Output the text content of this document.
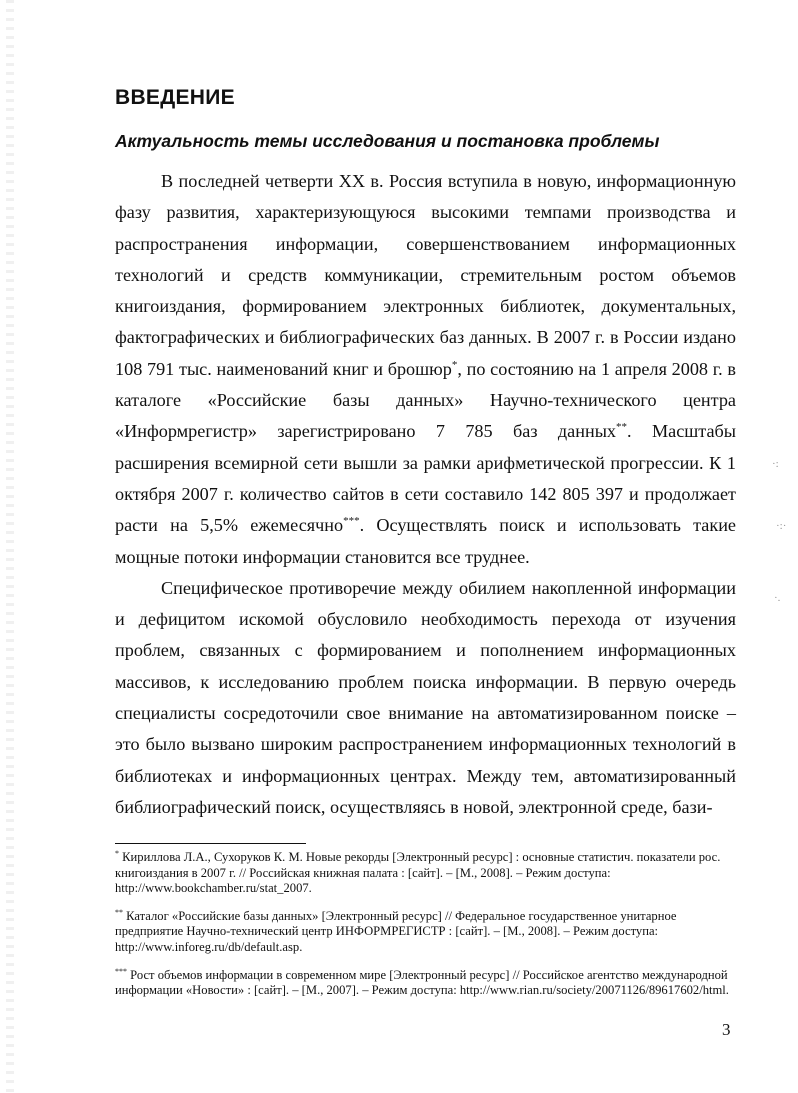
ВВЕДЕНИЕ
Актуальность темы исследования и постановка проблемы

В последней четверти XX в. Россия вступила в новую, информационную фазу развития, характеризующуюся высокими темпами производства и распространения информации, совершенствованием информационных технологий и средств коммуникации, стремительным ростом объемов книгоиздания, формированием электронных библиотек, документальных, фактографических и библиографических баз данных. В 2007 г. в России издано 108 791 тыс. наименований книг и брошюр*, по состоянию на 1 апреля 2008 г. в каталоге «Российские базы данных» Научно-технического центра «Информрегистр» зарегистрировано 7 785 баз данных**. Масштабы расширения всемирной сети вышли за рамки арифметической прогрессии. К 1 октября 2007 г. количество сайтов в сети составило 142 805 397 и продолжает расти на 5,5% ежемесячно***. Осуществлять поиск и использовать такие мощные потоки информации становится все труднее.

Специфическое противоречие между обилием накопленной информации и дефицитом искомой обусловило необходимость перехода от изучения проблем, связанных с формированием и пополнением информационных массивов, к исследованию проблем поиска информации. В первую очередь специалисты сосредоточили свое внимание на автоматизированном поиске – это было вызвано широким распространением информационных технологий в библиотеках и информационных центрах. Между тем, автоматизированный библиографический поиск, осуществляясь в новой, электронной среде, бази-

* Кириллова Л.А., Сухоруков К. М. Новые рекорды [Электронный ресурс] : основные статистич. показатели рос. книгоиздания в 2007 г. // Российская книжная палата : [сайт]. – [М., 2008]. – Режим доступа: http://www.bookchamber.ru/stat_2007.
** Каталог «Российские базы данных» [Электронный ресурс] // Федеральное государственное унитарное предприятие Научно-технический центр ИНФОРМРЕГИСТР : [сайт]. – [М., 2008]. – Режим доступа: http://www.inforeg.ru/db/default.asp.
*** Рост объемов информации в современном мире [Электронный ресурс] // Российское агентство международной информации «Новости» : [сайт]. – [М., 2007]. – Режим доступа: http://www.rian.ru/society/20071126/89617602/html.
3
·:
·:·
·.
